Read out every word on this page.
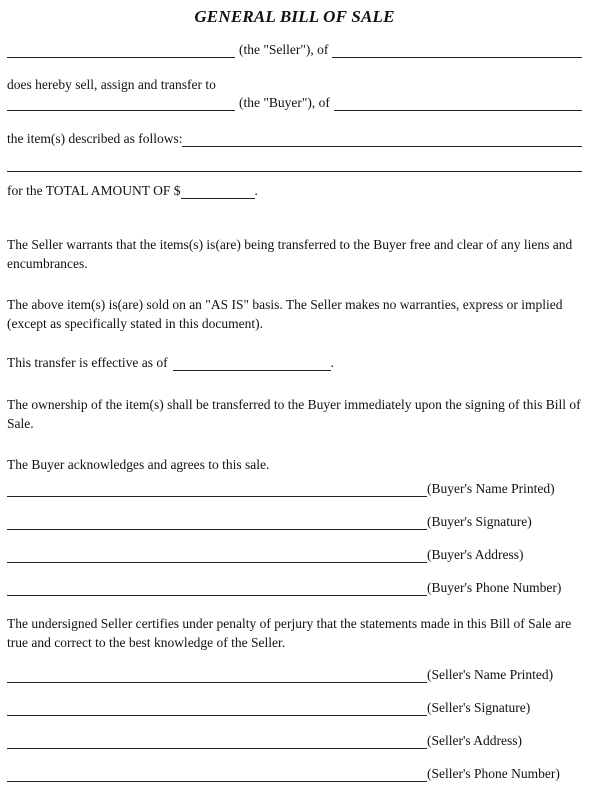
GENERAL BILL OF SALE
(the "Seller"), of
does hereby sell, assign and transfer to
(the "Buyer"), of
the item(s) described as follows:
for the TOTAL AMOUNT OF $	.
The Seller warrants that the items(s) is(are) being transferred to the Buyer free and clear of any liens and encumbrances.
The above item(s) is(are) sold on an "AS IS" basis. The Seller makes no warranties, express or implied (except as specifically stated in this document).
This transfer is effective as of	.
The ownership of the item(s) shall be transferred to the Buyer immediately upon the signing of this Bill of Sale.
The Buyer acknowledges and agrees to this sale.
(Buyer's Name Printed)
(Buyer's Signature)
(Buyer's Address)
(Buyer's Phone Number)
The undersigned Seller certifies under penalty of perjury that the statements made in this Bill of Sale are true and correct to the best knowledge of the Seller.
(Seller's Name Printed)
(Seller's Signature)
(Seller's Address)
(Seller's Phone Number)
